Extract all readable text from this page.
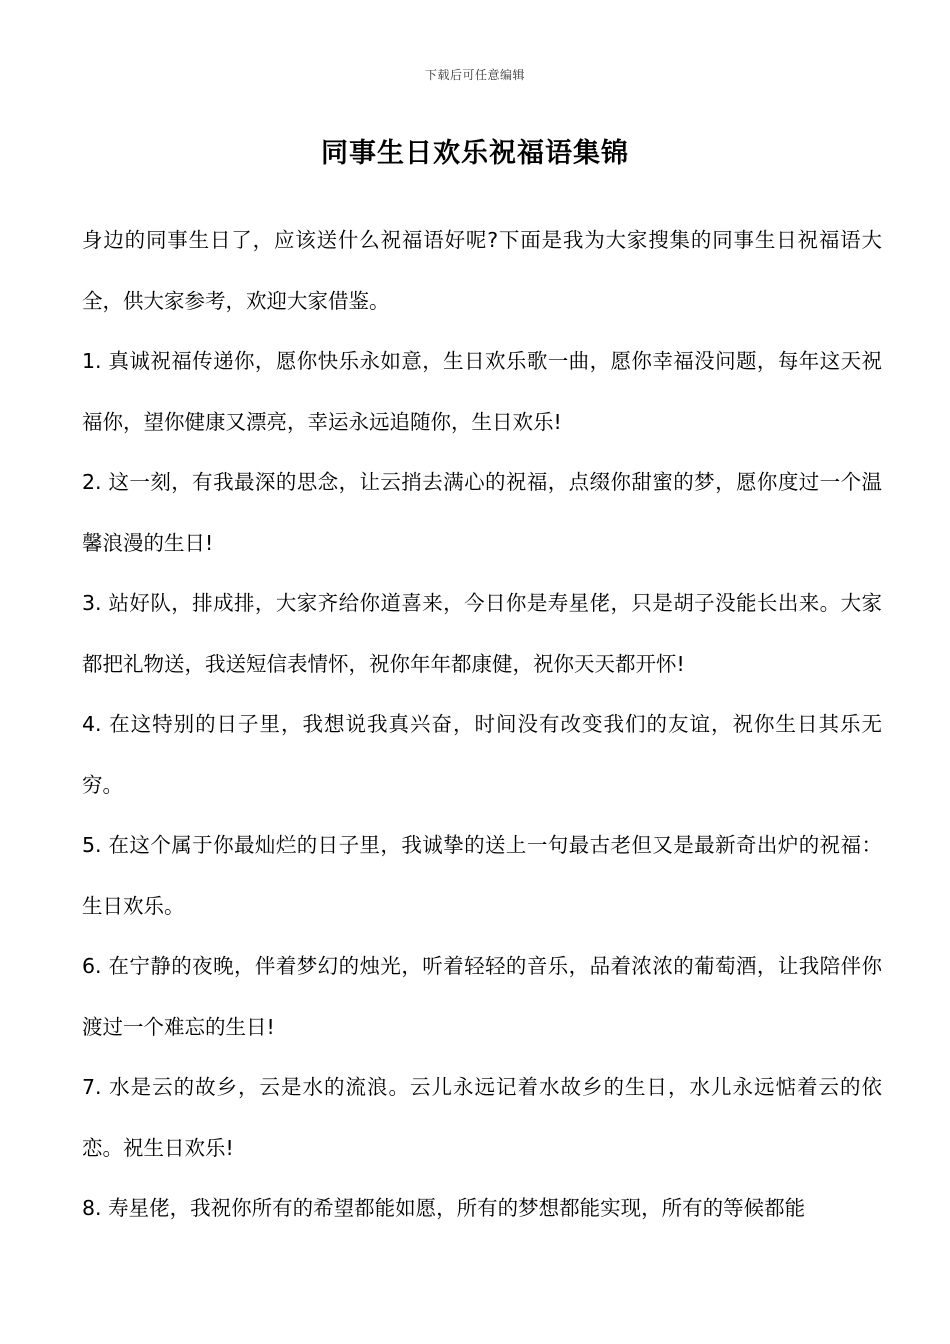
下载后可任意编辑
同事生日欢乐祝福语集锦

身边的同事生日了，应该送什么祝福语好呢?下面是我为大家搜集的同事生日祝福语大全，供大家参考，欢迎大家借鉴。

1. 真诚祝福传递你，愿你快乐永如意，生日欢乐歌一曲，愿你幸福没问题，每年这天祝福你，望你健康又漂亮，幸运永远追随你，生日欢乐!

2. 这一刻，有我最深的思念，让云捎去满心的祝福，点缀你甜蜜的梦，愿你度过一个温馨浪漫的生日!

3. 站好队，排成排，大家齐给你道喜来，今日你是寿星佬，只是胡子没能长出来。大家都把礼物送，我送短信表情怀，祝你年年都康健，祝你天天都开怀!

4. 在这特别的日子里，我想说我真兴奋，时间没有改变我们的友谊，祝你生日其乐无穷。

5. 在这个属于你最灿烂的日子里，我诚挚的送上一句最古老但又是最新奇出炉的祝福：生日欢乐。

6. 在宁静的夜晚，伴着梦幻的烛光，听着轻轻的音乐，品着浓浓的葡萄酒，让我陪伴你渡过一个难忘的生日!

7. 水是云的故乡，云是水的流浪。云儿永远记着水故乡的生日，水儿永远惦着云的依恋。祝生日欢乐!

8. 寿星佬，我祝你所有的希望都能如愿，所有的梦想都能实现，所有的等候都能
